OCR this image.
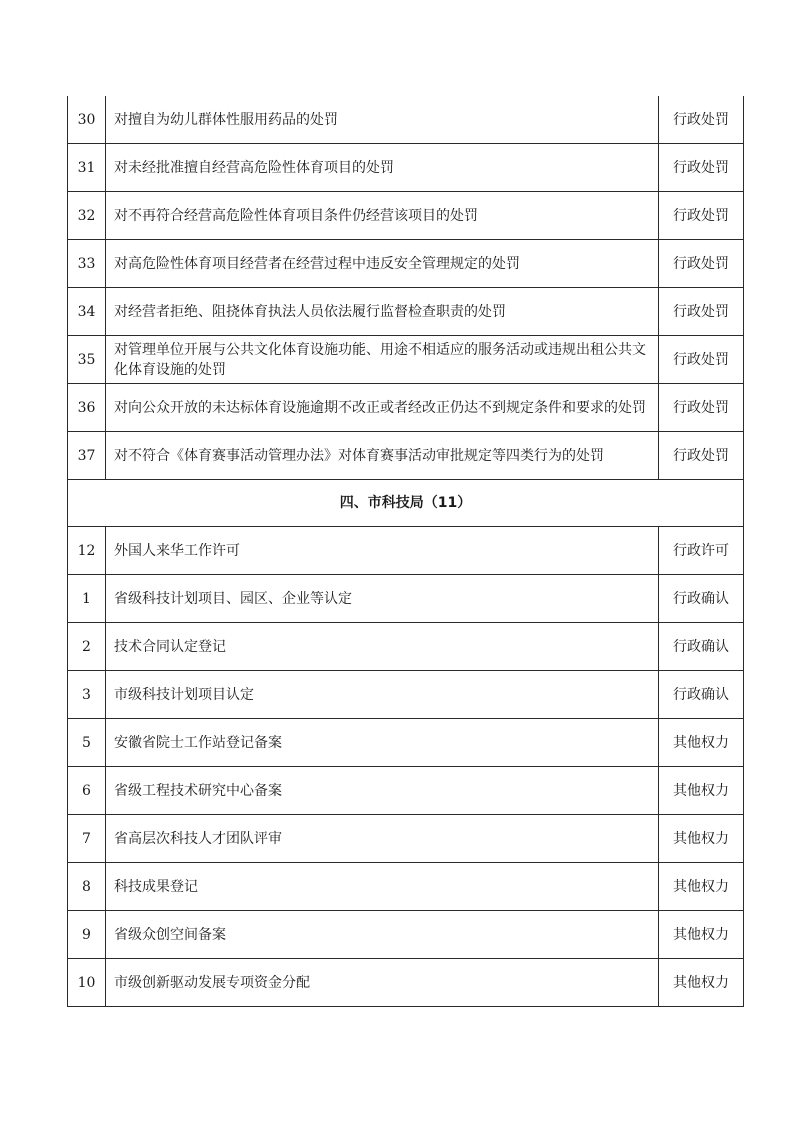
30	对擅自为幼儿群体性服用药品的处罚	行政处罚
31	对未经批准擅自经营高危险性体育项目的处罚	行政处罚
32	对不再符合经营高危险性体育项目条件仍经营该项目的处罚	行政处罚
33	对高危险性体育项目经营者在经营过程中违反安全管理规定的处罚	行政处罚
34	对经营者拒绝、阻挠体育执法人员依法履行监督检查职责的处罚	行政处罚
35	对管理单位开展与公共文化体育设施功能、用途不相适应的服务活动或违规出租公共文化体育设施的处罚	行政处罚
36	对向公众开放的未达标体育设施逾期不改正或者经改正仍达不到规定条件和要求的处罚	行政处罚
37	对不符合《体育赛事活动管理办法》对体育赛事活动审批规定等四类行为的处罚	行政处罚
四、市科技局（11）		
12	外国人来华工作许可	行政许可
1	省级科技计划项目、园区、企业等认定	行政确认
2	技术合同认定登记	行政确认
3	市级科技计划项目认定	行政确认
5	安徽省院士工作站登记备案	其他权力
6	省级工程技术研究中心备案	其他权力
7	省高层次科技人才团队评审	其他权力
8	科技成果登记	其他权力
9	省级众创空间备案	其他权力
10	市级创新驱动发展专项资金分配	其他权力
